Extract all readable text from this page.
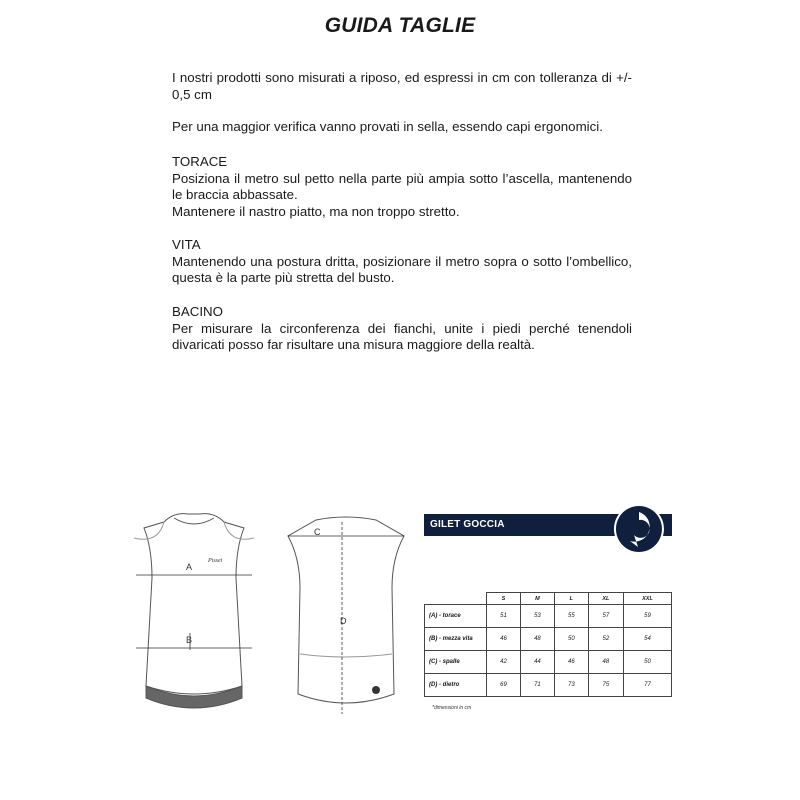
GUIDA TAGLIE

I nostri prodotti sono misurati a riposo, ed espressi in cm con tolleranza di +/- 0,5 cm

Per una maggior verifica vanno provati in sella, essendo capi ergonomici.

TORACE

Posiziona il metro sul petto nella parte più ampia sotto l’ascella, mantenendo le braccia abbassate.

Mantenere il nastro piatto, ma non troppo stretto.

VITA

Mantenendo una postura dritta, posizionare il metro sopra o sotto l’ombellico, questa è la parte più stretta del busto.

BACINO

Per misurare la circonferenza dei fianchi, unite i piedi perché tenendoli divaricati posso far risultare una misura maggiore della realtà.

A
B
Pissei
C
D
GILET GOCCIA
	S	M	L	XL	XXL
(A) - torace	51	53	55	57	59
(B) - mezza vita	46	48	50	52	54
(C) - spalle	42	44	46	48	50
(D) - dietro	69	71	73	75	77
*dimensioni in cm
